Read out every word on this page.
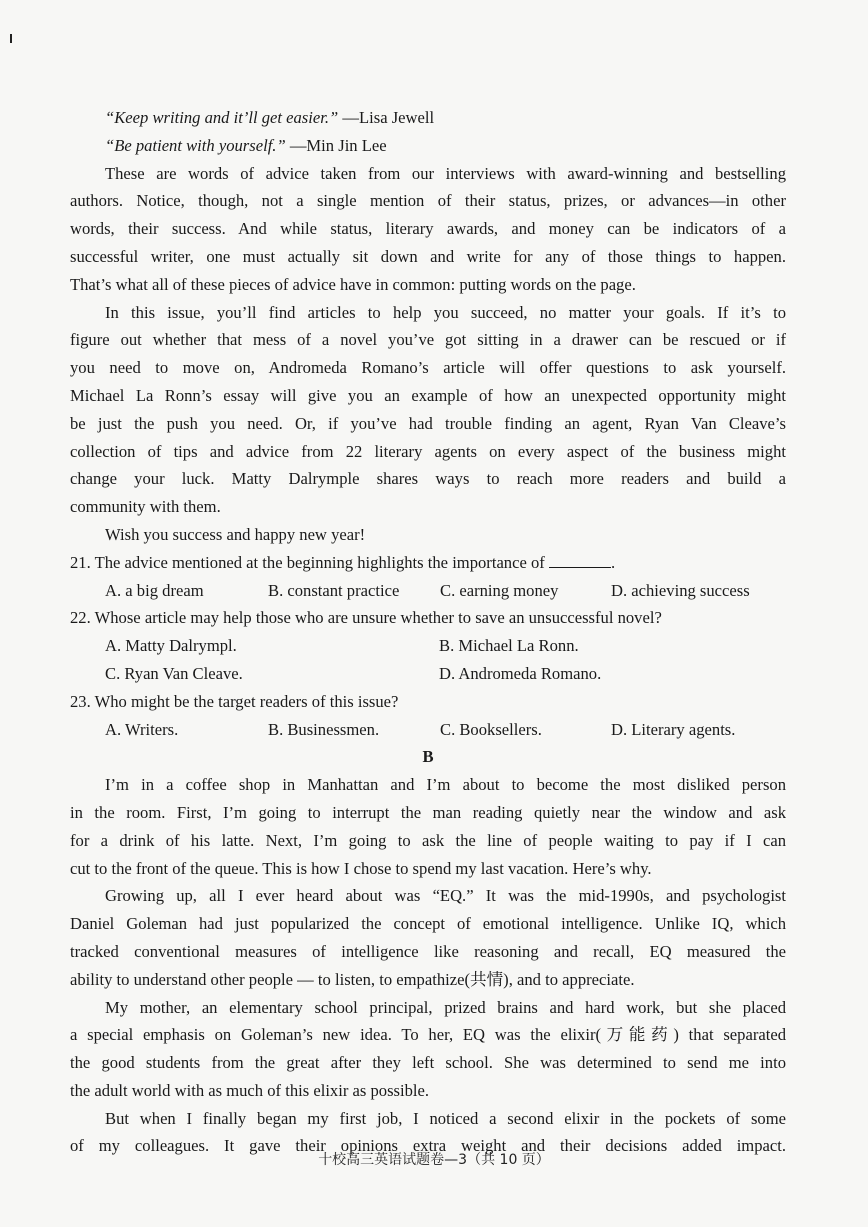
“Keep writing and it’ll get easier.” —Lisa Jewell
“Be patient with yourself.” —Min Jin Lee
These are words of advice taken from our interviews with award-winning and bestselling
authors. Notice, though, not a single mention of their status, prizes, or advances—in other
words, their success. And while status, literary awards, and money can be indicators of a
successful writer, one must actually sit down and write for any of those things to happen.
That’s what all of these pieces of advice have in common: putting words on the page.
In this issue, you’ll find articles to help you succeed, no matter your goals. If it’s to
figure out whether that mess of a novel you’ve got sitting in a drawer can be rescued or if
you need to move on, Andromeda Romano’s article will offer questions to ask yourself.
Michael La Ronn’s essay will give you an example of how an unexpected opportunity might
be just the push you need. Or, if you’ve had trouble finding an agent, Ryan Van Cleave’s
collection of tips and advice from 22 literary agents on every aspect of the business might
change your luck. Matty Dalrymple shares ways to reach more readers and build a
community with them.
Wish you success and happy new year!
21. The advice mentioned at the beginning highlights the importance of	.
A. a big dream	B. constant practice	C. earning money	D. achieving success
22. Whose article may help those who are unsure whether to save an unsuccessful novel?
A. Matty Dalrympl.	B. Michael La Ronn.
C. Ryan Van Cleave.	D. Andromeda Romano.
23. Who might be the target readers of this issue?
A. Writers.	B. Businessmen.	C. Booksellers.	D. Literary agents.
B
I’m in a coffee shop in Manhattan and I’m about to become the most disliked person
in the room. First, I’m going to interrupt the man reading quietly near the window and ask
for a drink of his latte. Next, I’m going to ask the line of people waiting to pay if I can
cut to the front of the queue. This is how I chose to spend my last vacation. Here’s why.
Growing up, all I ever heard about was “EQ.” It was the mid-1990s, and psychologist
Daniel Goleman had just popularized the concept of emotional intelligence. Unlike IQ, which
tracked conventional measures of intelligence like reasoning and recall, EQ measured the
ability to understand other people — to listen, to empathize(共情), and to appreciate.
My mother, an elementary school principal, prized brains and hard work, but she placed
a special emphasis on Goleman’s new idea. To her, EQ was the elixir(万能药) that separated
the good students from the great after they left school. She was determined to send me into
the adult world with as much of this elixir as possible.
But when I finally began my first job, I noticed a second elixir in the pockets of some
of my colleagues. It gave their opinions extra weight and their decisions added impact.
十校高三英语试题卷—3（共 10 页）
